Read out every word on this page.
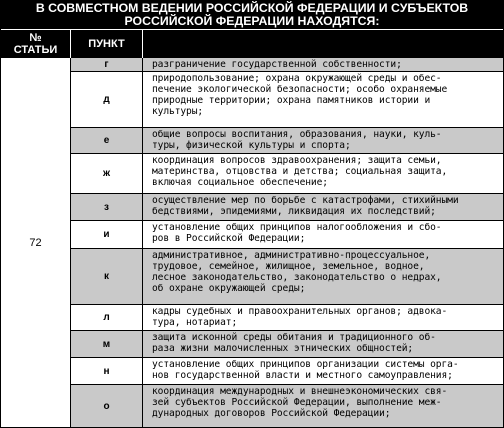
В СОВМЕСТНОМ ВЕДЕНИИ РОССИЙСКОЙ ФЕДЕРАЦИИ И СУБЪЕКТОВ
РОССИЙСКОЙ ФЕДЕРАЦИИ НАХОДЯТСЯ:
№
СТАТЬИ	ПУНКТ
72
г	разграничение государственной собственности;
д
природопользование; охрана окружающей среды и обес-
печение экологической безопасности; особо охраняемые
природные территории; охрана памятников истории и
культуры;
е
общие вопросы воспитания, образования, науки, куль-
туры, физической культуры и спорта;
ж
координация вопросов здравоохранения; защита семьи,
материнства, отцовства и детства; социальная защита,
включая социальное обеспечение;
з
осуществление мер по борьбе с катастрофами, стихийными
бедствиями, эпидемиями, ликвидация их последствий;
и
установление общих принципов налогообложения и сбо-
ров в Российской Федерации;
к
административное, административно-процессуальное,
трудовое, семейное, жилищное, земельное, водное,
лесное законодательство, законодательство о недрах,
об охране окружающей среды;
л
кадры судебных и правоохранительных органов; адвока-
тура, нотариат;
м
защита исконной среды обитания и традиционного об-
раза жизни малочисленных этнических общностей;
н
установление общих принципов организации системы орга-
нов государственной власти и местного самоуправления;
о
координация международных и внешнеэкономических свя-
зей субъектов Российской Федерации, выполнение меж-
дународных договоров Российской Федерации;
